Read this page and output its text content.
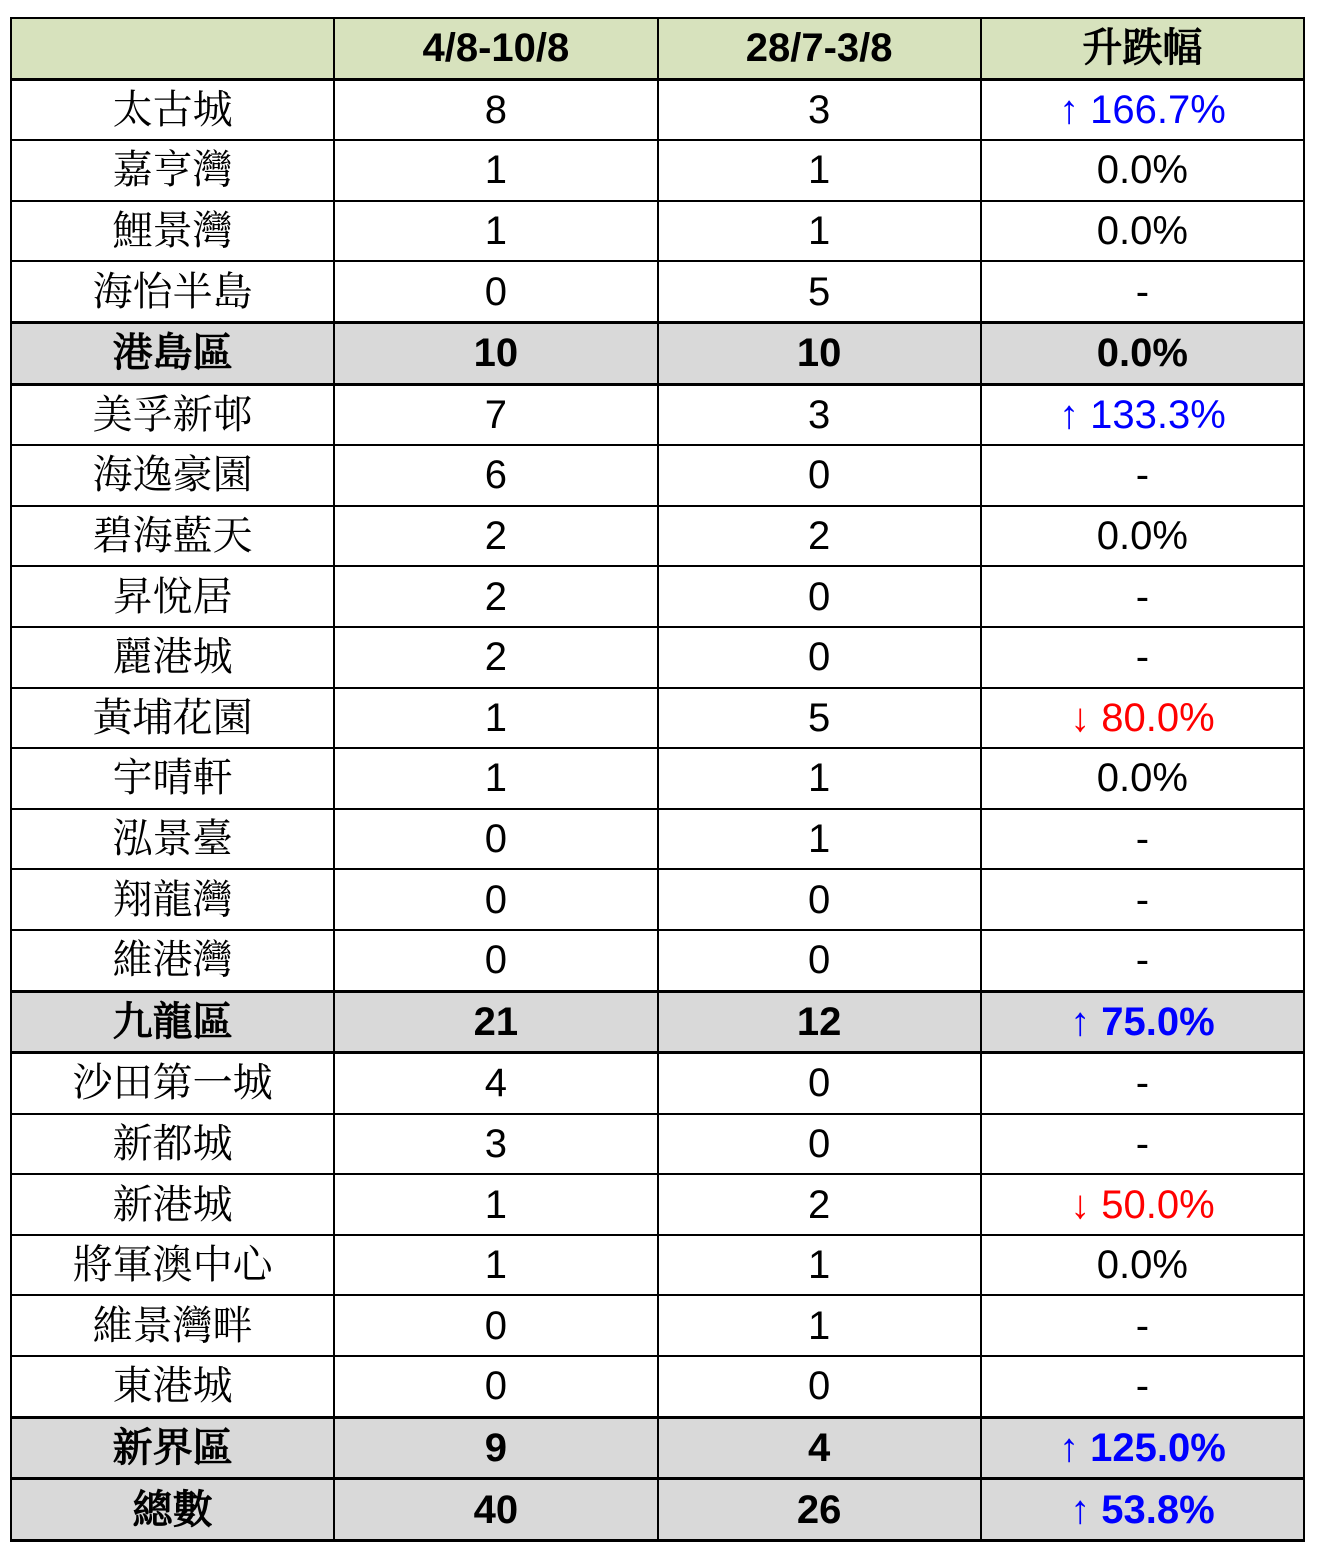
	4/8-10/8	28/7-3/8	升跌幅
太古城	8	3	↑ 166.7%
嘉亨灣	1	1	0.0%
鯉景灣	1	1	0.0%
海怡半島	0	5	-
港島區	10	10	0.0%
美孚新邨	7	3	↑ 133.3%
海逸豪園	6	0	-
碧海藍天	2	2	0.0%
昇悅居	2	0	-
麗港城	2	0	-
黃埔花園	1	5	↓ 80.0%
宇晴軒	1	1	0.0%
泓景臺	0	1	-
翔龍灣	0	0	-
維港灣	0	0	-
九龍區	21	12	↑ 75.0%
沙田第一城	4	0	-
新都城	3	0	-
新港城	1	2	↓ 50.0%
將軍澳中心	1	1	0.0%
維景灣畔	0	1	-
東港城	0	0	-
新界區	9	4	↑ 125.0%
總數	40	26	↑ 53.8%
